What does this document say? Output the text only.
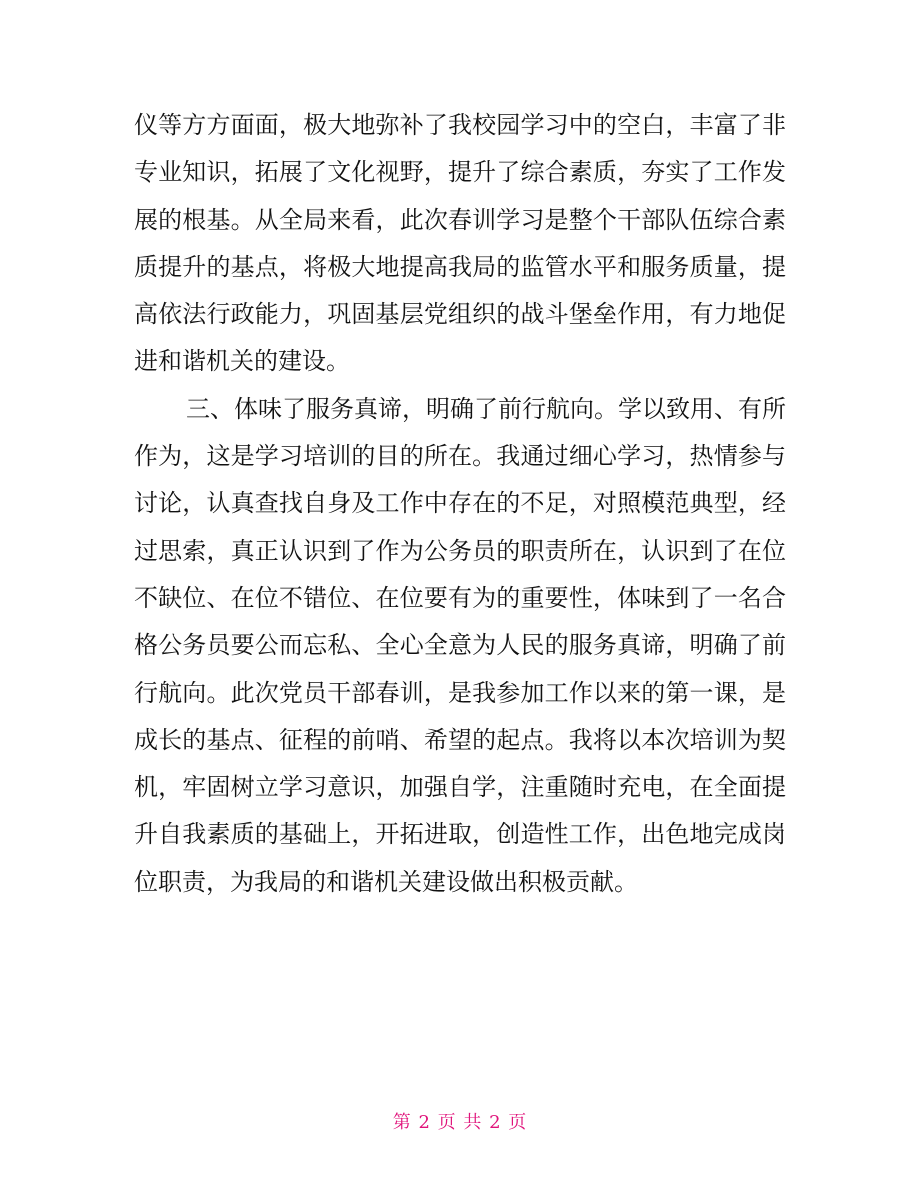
仪等方方面面，极大地弥补了我校园学习中的空白，丰富了非
专业知识，拓展了文化视野，提升了综合素质，夯实了工作发
展的根基。从全局来看，此次春训学习是整个干部队伍综合素
质提升的基点，将极大地提高我局的监管水平和服务质量，提
高依法行政能力，巩固基层党组织的战斗堡垒作用，有力地促
进和谐机关的建设。
三、体味了服务真谛，明确了前行航向。学以致用、有所
作为，这是学习培训的目的所在。我通过细心学习，热情参与
讨论，认真查找自身及工作中存在的不足，对照模范典型，经
过思索，真正认识到了作为公务员的职责所在，认识到了在位
不缺位、在位不错位、在位要有为的重要性，体味到了一名合
格公务员要公而忘私、全心全意为人民的服务真谛，明确了前
行航向。此次党员干部春训，是我参加工作以来的第一课，是
成长的基点、征程的前哨、希望的起点。我将以本次培训为契
机，牢固树立学习意识，加强自学，注重随时充电，在全面提
升自我素质的基础上，开拓进取，创造性工作，出色地完成岗
位职责，为我局的和谐机关建设做出积极贡献。
第 2 页 共 2 页
